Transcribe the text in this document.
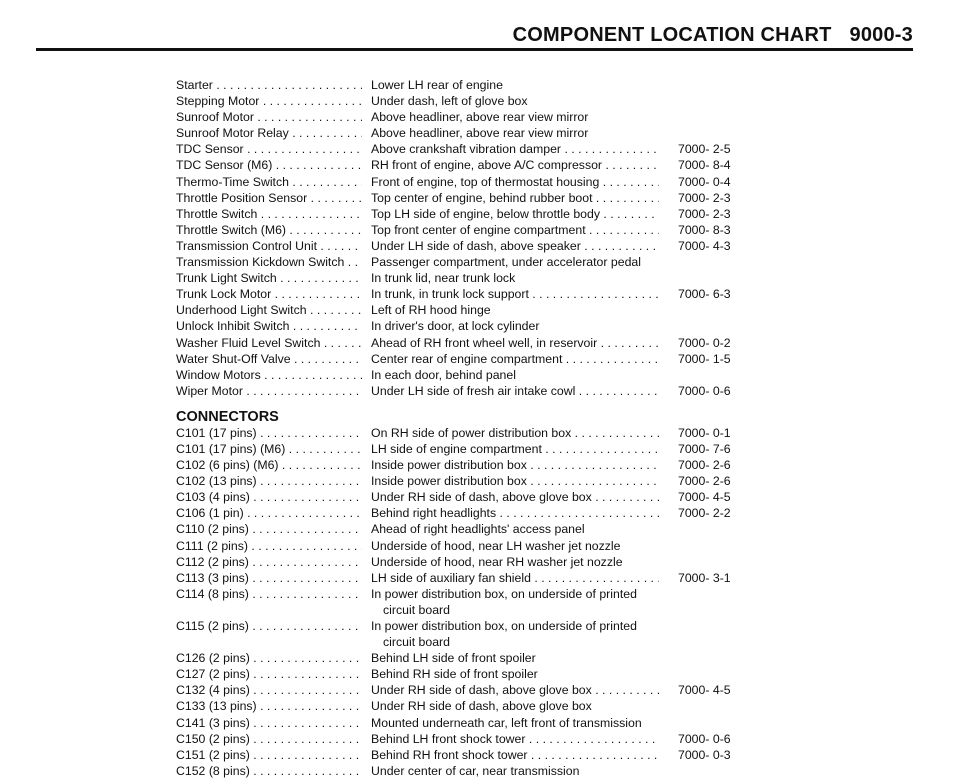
COMPONENT LOCATION CHART 9000-3
Starter . . .	Lower LH rear of engine
Stepping Motor . . .	Under dash, left of glove box
Sunroof Motor . . .	Above headliner, above rear view mirror
Sunroof Motor Relay . . .	Above headliner, above rear view mirror
TDC Sensor . . .	Above crankshaft vibration damper . . .	7000- 2-5
TDC Sensor (M6) . . .	RH front of engine, above A/C compressor . . .	7000- 8-4
Thermo-Time Switch . . .	Front of engine, top of thermostat housing . . .	7000- 0-4
Throttle Position Sensor . . .	Top center of engine, behind rubber boot . . .	7000- 2-3
Throttle Switch . . .	Top LH side of engine, below throttle body . . .	7000- 2-3
Throttle Switch (M6) . . .	Top front center of engine compartment . . .	7000- 8-3
Transmission Control Unit . . .	Under LH side of dash, above speaker . . .	7000- 4-3
Transmission Kickdown Switch . . .	Passenger compartment, under accelerator pedal
Trunk Light Switch . . .	In trunk lid, near trunk lock
Trunk Lock Motor . . .	In trunk, in trunk lock support . . .	7000- 6-3
Underhood Light Switch . . .	Left of RH hood hinge
Unlock Inhibit Switch . . .	In driver's door, at lock cylinder
Washer Fluid Level Switch . . .	Ahead of RH front wheel well, in reservoir . . .	7000- 0-2
Water Shut-Off Valve . . .	Center rear of engine compartment . . .	7000- 1-5
Window Motors . . .	In each door, behind panel
Wiper Motor . . .	Under LH side of fresh air intake cowl . . .	7000- 0-6
CONNECTORS
C101 (17 pins) . . .	On RH side of power distribution box . . .	7000- 0-1
C101 (17 pins) (M6) . . .	LH side of engine compartment . . .	7000- 7-6
C102 (6 pins) (M6) . . .	Inside power distribution box . . .	7000- 2-6
C102 (13 pins) . . .	Inside power distribution box . . .	7000- 2-6
C103 (4 pins) . . .	Under RH side of dash, above glove box . . .	7000- 4-5
C106 (1 pin) . . .	Behind right headlights . . .	7000- 2-2
C110 (2 pins) . . .	Ahead of right headlights' access panel
C111 (2 pins) . . .	Underside of hood, near LH washer jet nozzle
C112 (2 pins) . . .	Underside of hood, near RH washer jet nozzle
C113 (3 pins) . . .	LH side of auxiliary fan shield . . .	7000- 3-1
C114 (8 pins) . . .	In power distribution box, on underside of printed
circuit board
C115 (2 pins) . . .	In power distribution box, on underside of printed
circuit board
C126 (2 pins) . . .	Behind LH side of front spoiler
C127 (2 pins) . . .	Behind RH side of front spoiler
C132 (4 pins) . . .	Under RH side of dash, above glove box . . .	7000- 4-5
C133 (13 pins) . . .	Under RH side of dash, above glove box
C141 (3 pins) . . .	Mounted underneath car, left front of transmission
C150 (2 pins) . . .	Behind LH front shock tower . . .	7000- 0-6
C151 (2 pins) . . .	Behind RH front shock tower . . .	7000- 0-3
C152 (8 pins) . . .	Under center of car, near transmission
